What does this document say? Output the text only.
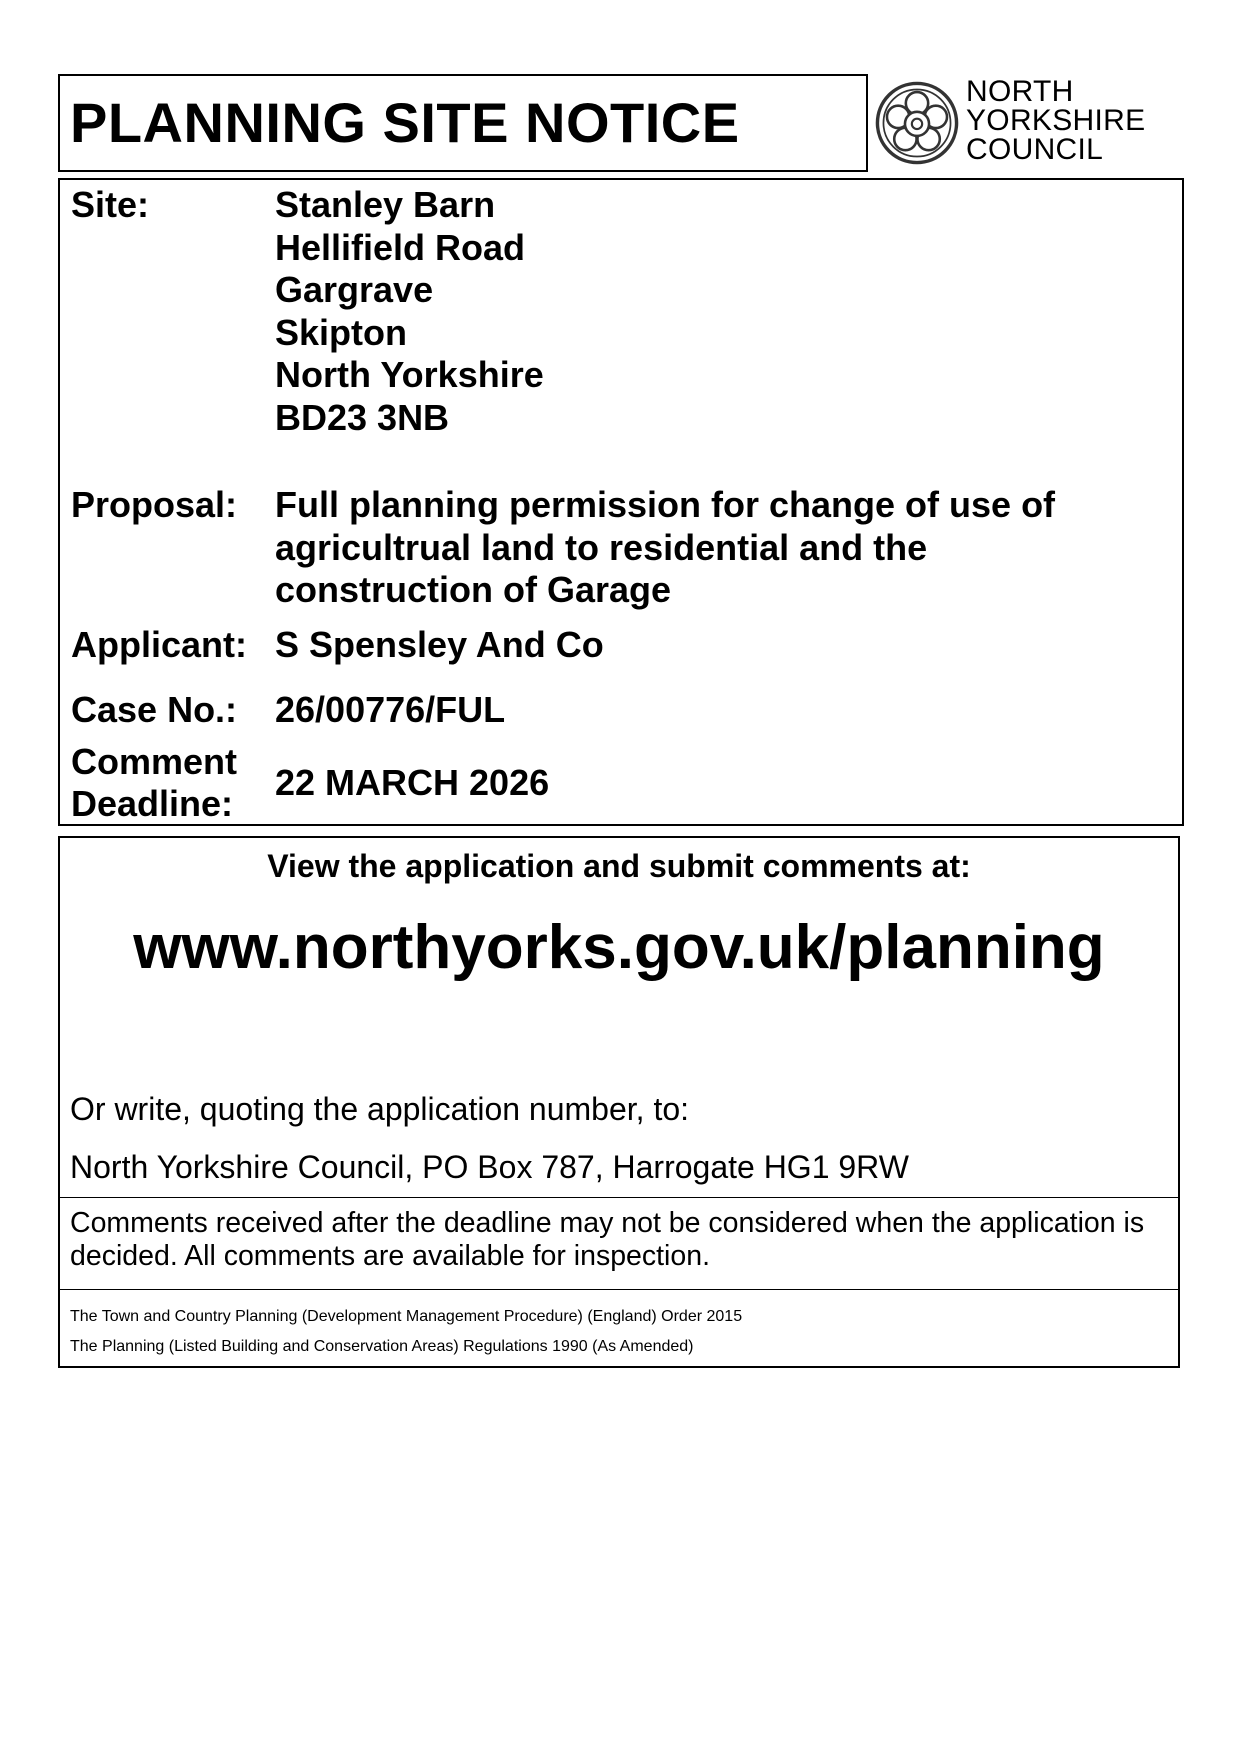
PLANNING SITE NOTICE	NORTH
YORKSHIRE
COUNCIL
Site:	Stanley Barn
Hellifield Road
Gargrave
Skipton
North Yorkshire
BD23 3NB
Proposal: Full planning permission for change of use of
agricultrual land to residential and the
construction of Garage
Applicant: S Spensley And Co
Case No.: 26/00776/FUL
Comment
Deadline:
22 MARCH 2026
View the application and submit comments at:
www.northyorks.gov.uk/planning
Or write, quoting the application number, to:
North Yorkshire Council, PO Box 787, Harrogate HG1 9RW
Comments received after the deadline may not be considered when the application is decided. All comments are available for inspection.
The Town and Country Planning (Development Management Procedure) (England) Order 2015
The Planning (Listed Building and Conservation Areas) Regulations 1990 (As Amended)
